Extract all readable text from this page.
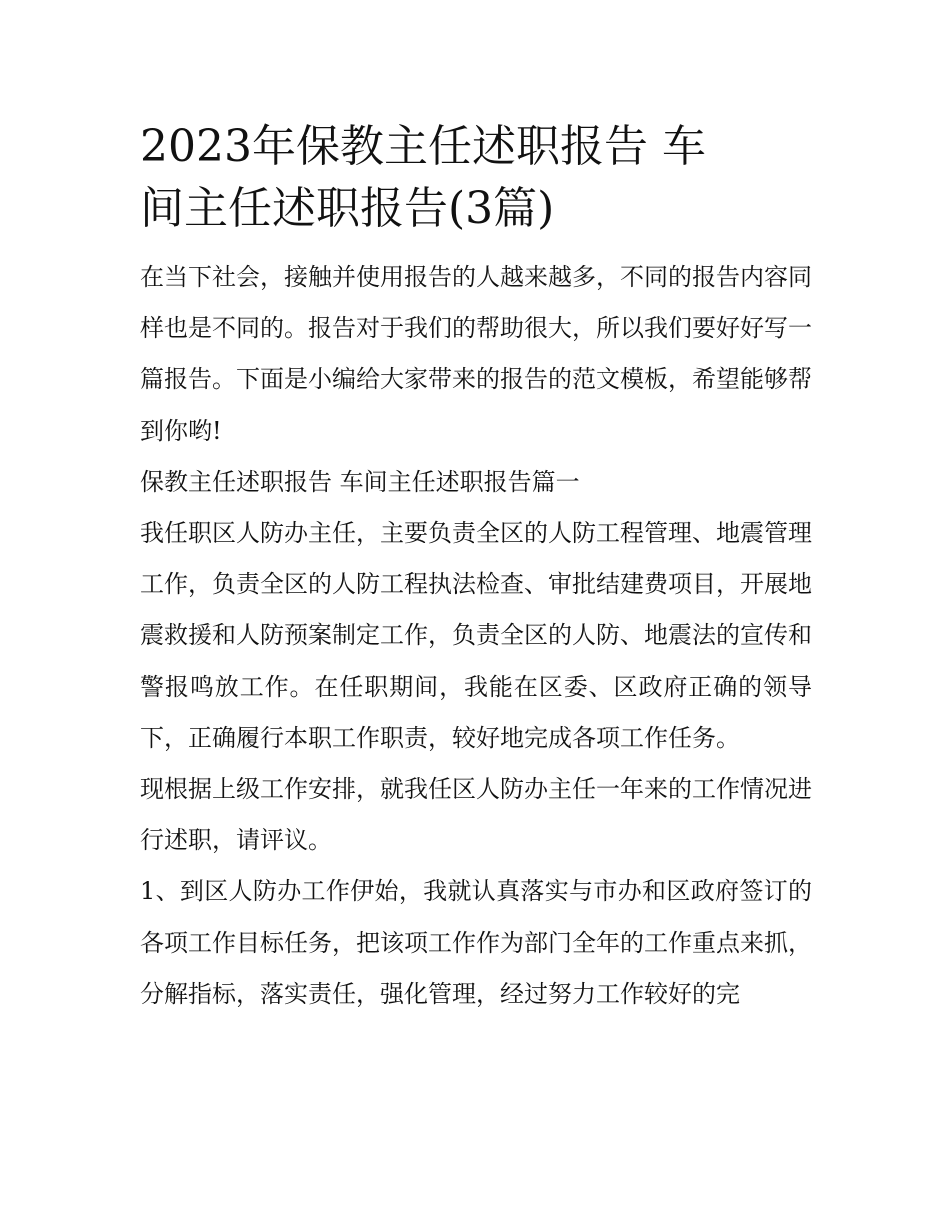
2023年保教主任述职报告 车
间主任述职报告(3篇)

在当下社会，接触并使用报告的人越来越多，不同的报告内容同样也是不同的。报告对于我们的帮助很大，所以我们要好好写一篇报告。下面是小编给大家带来的报告的范文模板，希望能够帮到你哟!

保教主任述职报告 车间主任述职报告篇一

我任职区人防办主任，主要负责全区的人防工程管理、地震管理工作，负责全区的人防工程执法检查、审批结建费项目，开展地震救援和人防预案制定工作，负责全区的人防、地震法的宣传和警报鸣放工作。在任职期间，我能在区委、区政府正确的领导下，正确履行本职工作职责，较好地完成各项工作任务。

现根据上级工作安排，就我任区人防办主任一年来的工作情况进行述职，请评议。

1、到区人防办工作伊始，我就认真落实与市办和区政府签订的各项工作目标任务，把该项工作作为部门全年的工作重点来抓，分解指标，落实责任，强化管理，经过努力工作较好的完
